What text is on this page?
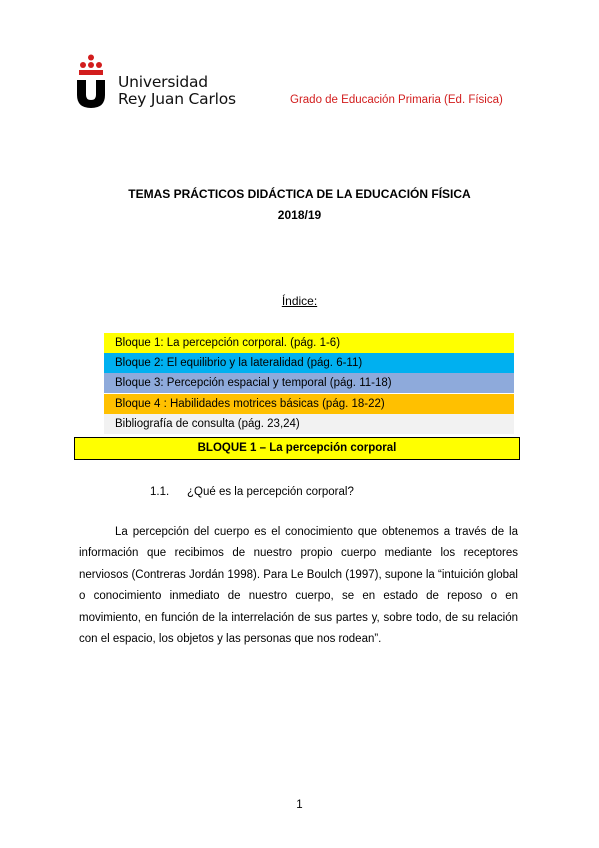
Universidad
Rey Juan Carlos	Grado de Educación Primaria (Ed. Física)
TEMAS PRÁCTICOS DIDÁCTICA DE LA EDUCACIÓN FÍSICA
2018/19
Índice:
Bloque 1: La percepción corporal. (pág. 1-6)
Bloque 2: El equilibrio y la lateralidad (pág. 6-11)
Bloque 3: Percepción espacial y temporal (pág. 11-18)
Bloque 4 : Habilidades motrices básicas (pág. 18-22)
Bibliografía de consulta (pág. 23,24)
BLOQUE 1 – La percepción corporal
1.1. ¿Qué es la percepción corporal?
La percepción del cuerpo es el conocimiento que obtenemos a través de la información que recibimos de nuestro propio cuerpo mediante los receptores nerviosos (Contreras Jordán 1998). Para Le Boulch (1997), supone la “intuición global o conocimiento inmediato de nuestro cuerpo, se en estado de reposo o en movimiento, en función de la interrelación de sus partes y, sobre todo, de su relación con el espacio, los objetos y las personas que nos rodean”.
1
